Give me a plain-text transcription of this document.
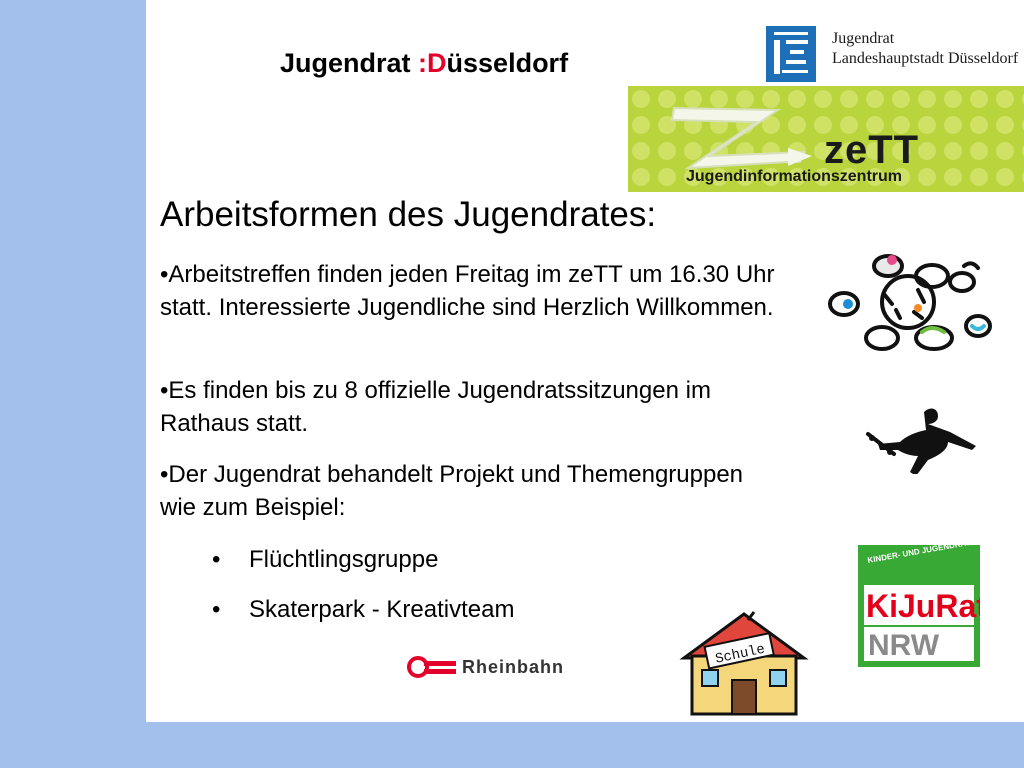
Jugendrat :Düsseldorf
Jugendrat
Landeshauptstadt Düsseldorf
zeTT
Jugendinformationszentrum
Arbeitsformen des Jugendrates:
•Arbeitstreffen finden jeden Freitag im zeTT um 16.30 Uhr statt. Interessierte Jugendliche sind Herzlich Willkommen.
•Es finden bis zu 8 offizielle Jugendratssitzungen im Rathaus statt.
•Der Jugendrat behandelt Projekt und Themengruppen wie zum Beispiel:
• Flüchtlingsgruppe
• Skaterpark - Kreativteam
KINDER- UND JUGENDRAT
KiJuRat
NRW
Schule
Rheinbahn
